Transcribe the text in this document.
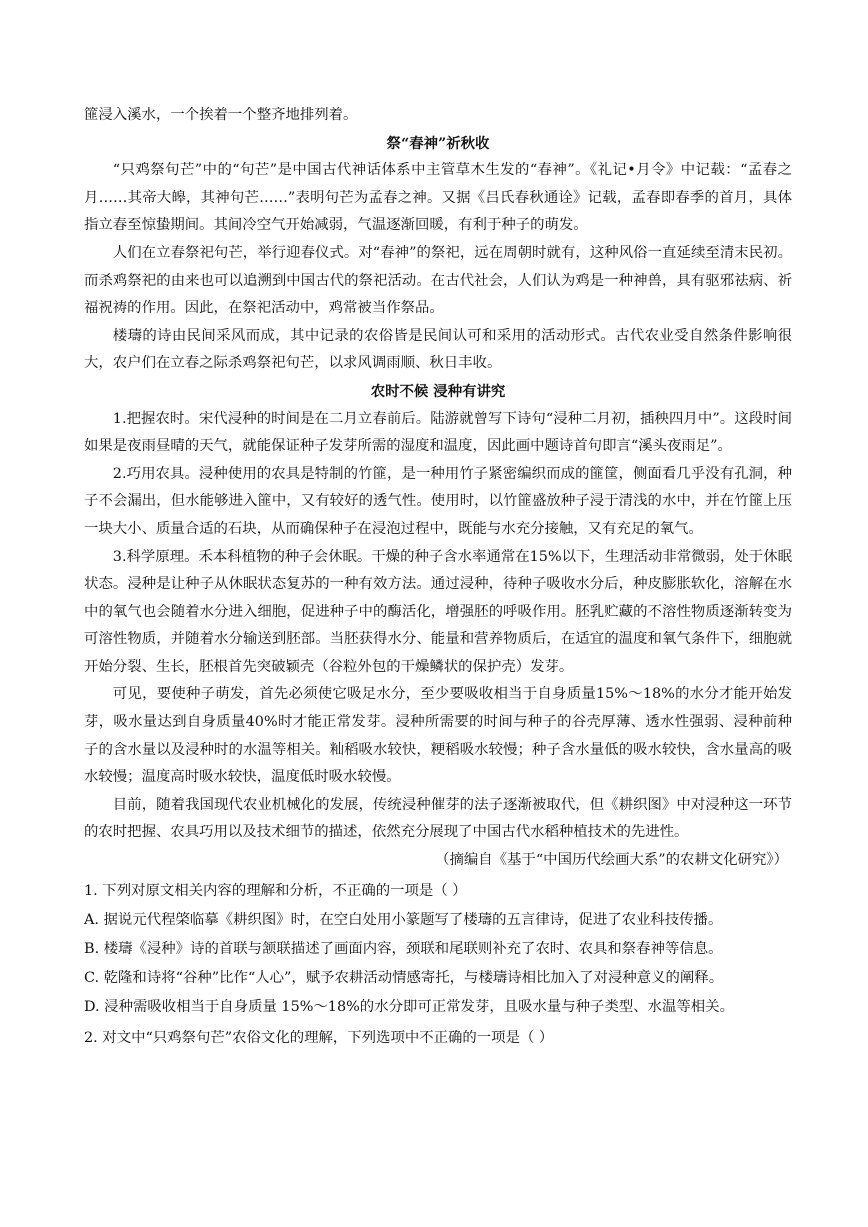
篚浸入溪水，一个挨着一个整齐地排列着。

祭“春神”祈秋收

“只鸡祭句芒”中的“句芒”是中国古代神话体系中主管草木生发的“春神”。《礼记•月令》中记载：“孟春之月……其帝大皞，其神句芒……”表明句芒为孟春之神。又据《吕氏春秋通诠》记载，孟春即春季的首月，具体指立春至惊蛰期间。其间冷空气开始减弱，气温逐渐回暖，有利于种子的萌发。

人们在立春祭祀句芒，举行迎春仪式。对“春神”的祭祀，远在周朝时就有，这种风俗一直延续至清末民初。而杀鸡祭祀的由来也可以追溯到中国古代的祭祀活动。在古代社会，人们认为鸡是一种神兽，具有驱邪祛病、祈福祝祷的作用。因此，在祭祀活动中，鸡常被当作祭品。

楼璹的诗由民间采风而成，其中记录的农俗皆是民间认可和采用的活动形式。古代农业受自然条件影响很大，农户们在立春之际杀鸡祭祀句芒，以求风调雨顺、秋日丰收。

农时不候 浸种有讲究

1.把握农时。宋代浸种的时间是在二月立春前后。陆游就曾写下诗句“浸种二月初，插秧四月中”。这段时间如果是夜雨昼晴的天气，就能保证种子发芽所需的湿度和温度，因此画中题诗首句即言“溪头夜雨足”。

2.巧用农具。浸种使用的农具是特制的竹篚，是一种用竹子紧密编织而成的篚筐，侧面看几乎没有孔洞，种子不会漏出，但水能够进入篚中，又有较好的透气性。使用时，以竹篚盛放种子浸于清浅的水中，并在竹篚上压一块大小、质量合适的石块，从而确保种子在浸泡过程中，既能与水充分接触，又有充足的氧气。

3.科学原理。禾本科植物的种子会休眠。干燥的种子含水率通常在15%以下，生理活动非常微弱，处于休眠状态。浸种是让种子从休眠状态复苏的一种有效方法。通过浸种，待种子吸收水分后，种皮膨胀软化，溶解在水中的氧气也会随着水分进入细胞，促进种子中的酶活化，增强胚的呼吸作用。胚乳贮藏的不溶性物质逐渐转变为可溶性物质，并随着水分输送到胚部。当胚获得水分、能量和营养物质后，在适宜的温度和氧气条件下，细胞就开始分裂、生长，胚根首先突破颖壳（谷粒外包的干燥鳞状的保护壳）发芽。

可见，要使种子萌发，首先必须使它吸足水分，至少要吸收相当于自身质量15%～18%的水分才能开始发芽，吸水量达到自身质量40%时才能正常发芽。浸种所需要的时间与种子的谷壳厚薄、透水性强弱、浸种前种子的含水量以及浸种时的水温等相关。籼稻吸水较快，粳稻吸水较慢；种子含水量低的吸水较快，含水量高的吸水较慢；温度高时吸水较快，温度低时吸水较慢。

目前，随着我国现代农业机械化的发展，传统浸种催芽的法子逐渐被取代，但《耕织图》中对浸种这一环节的农时把握、农具巧用以及技术细节的描述，依然充分展现了中国古代水稻种植技术的先进性。

（摘编自《基于“中国历代绘画大系”的农耕文化研究》）

1. 下列对原文相关内容的理解和分析，不正确的一项是（ ）

A. 据说元代程棨临摹《耕织图》时，在空白处用小篆题写了楼璹的五言律诗，促进了农业科技传播。

B. 楼璹《浸种》诗的首联与颔联描述了画面内容，颈联和尾联则补充了农时、农具和祭春神等信息。

C. 乾隆和诗将“谷种”比作“人心”，赋予农耕活动情感寄托，与楼璹诗相比加入了对浸种意义的阐释。

D. 浸种需吸收相当于自身质量 15%～18%的水分即可正常发芽，且吸水量与种子类型、水温等相关。

2. 对文中“只鸡祭句芒”农俗文化的理解，下列选项中不正确的一项是（ ）
